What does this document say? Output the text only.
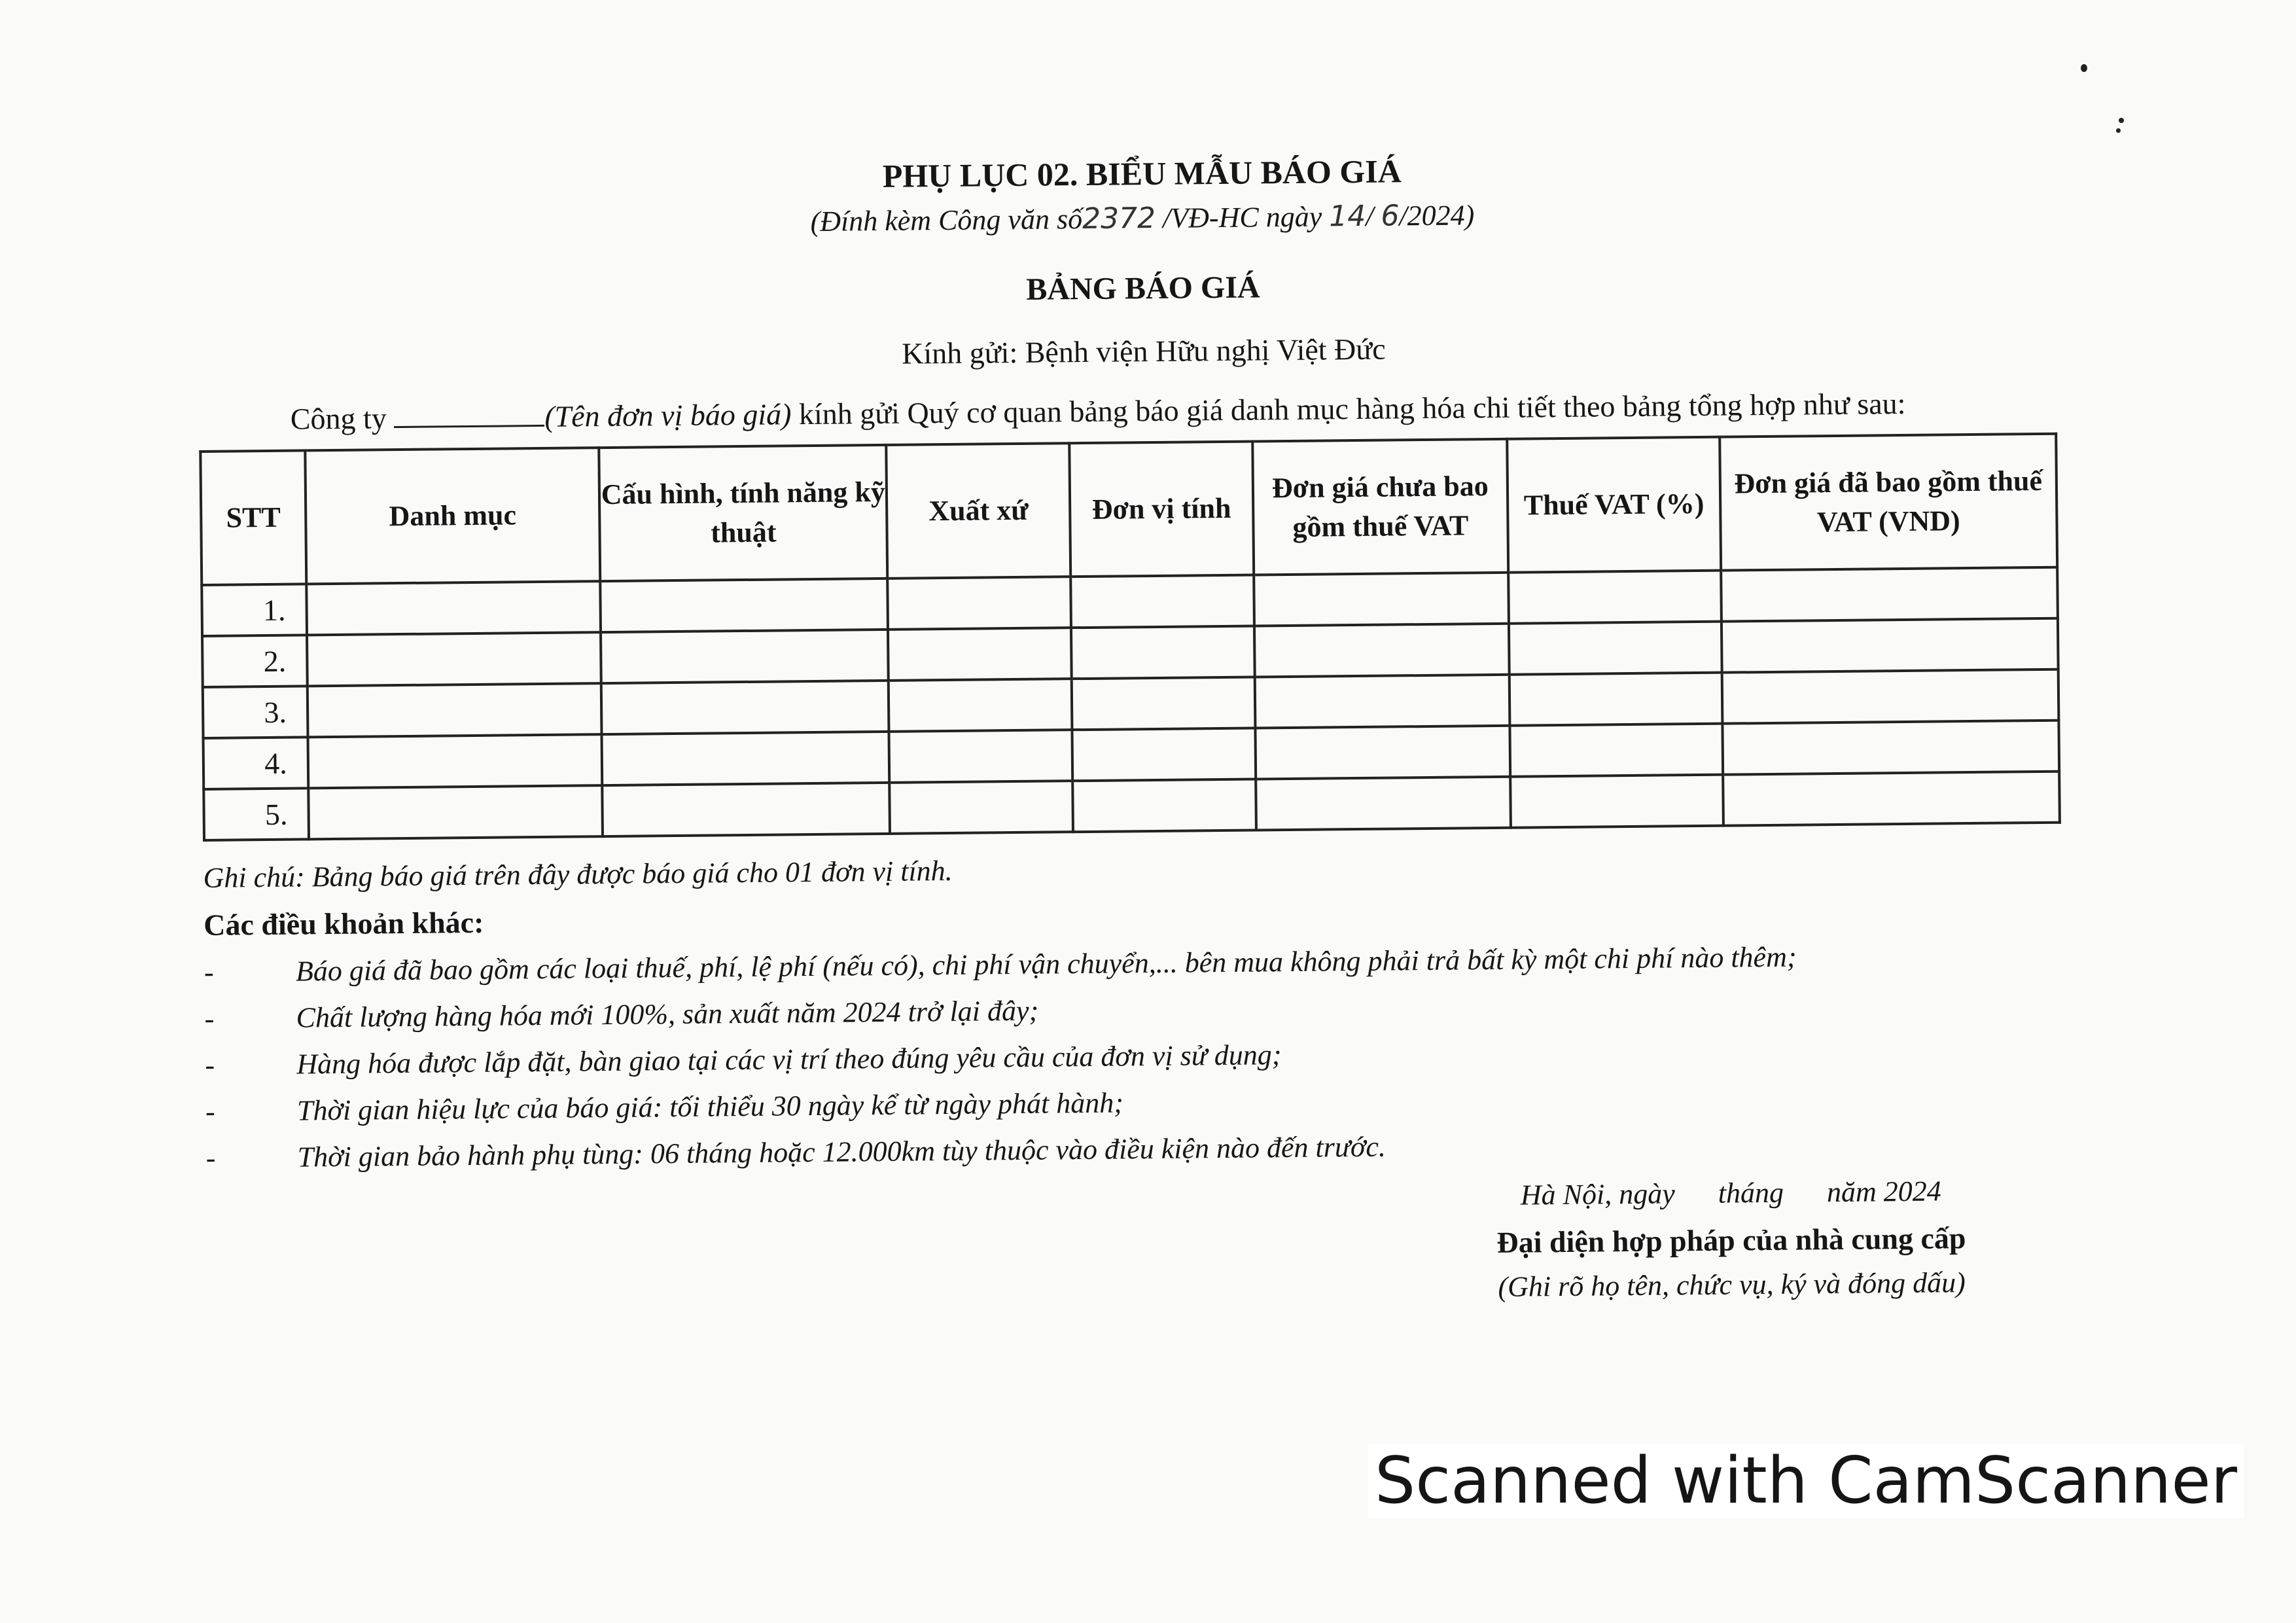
PHỤ LỤC 02. BIỂU MẪU BÁO GIÁ
(Đính kèm Công văn số2372 /VĐ-HC ngày 14/ 6/2024)
BẢNG BÁO GIÁ
Kính gửi: Bệnh viện Hữu nghị Việt Đức
Công ty	(Tên đơn vị báo giá) kính gửi Quý cơ quan bảng báo giá danh mục hàng hóa chi tiết theo bảng tổng hợp như sau:
STT	Danh mục	Cấu hình, tính năng kỹ thuật	Xuất xứ	Đơn vị tính	Đơn giá chưa bao gồm thuế VAT	Thuế VAT (%)	Đơn giá đã bao gồm thuế VAT (VND)
1.							
2.							
3.							
4.							
5.							
Ghi chú: Bảng báo giá trên đây được báo giá cho 01 đơn vị tính.
Các điều khoản khác:
-	Báo giá đã bao gồm các loại thuế, phí, lệ phí (nếu có), chi phí vận chuyển,... bên mua không phải trả bất kỳ một chi phí nào thêm;
-	Chất lượng hàng hóa mới 100%, sản xuất năm 2024 trở lại đây;
-	Hàng hóa được lắp đặt, bàn giao tại các vị trí theo đúng yêu cầu của đơn vị sử dụng;
-	Thời gian hiệu lực của báo giá: tối thiểu 30 ngày kể từ ngày phát hành;
-	Thời gian bảo hành phụ tùng: 06 tháng hoặc 12.000km tùy thuộc vào điều kiện nào đến trước.
Hà Nội, ngày      tháng      năm 2024
Đại diện hợp pháp của nhà cung cấp
(Ghi rõ họ tên, chức vụ, ký và đóng dấu)
Scanned with CamScanner
